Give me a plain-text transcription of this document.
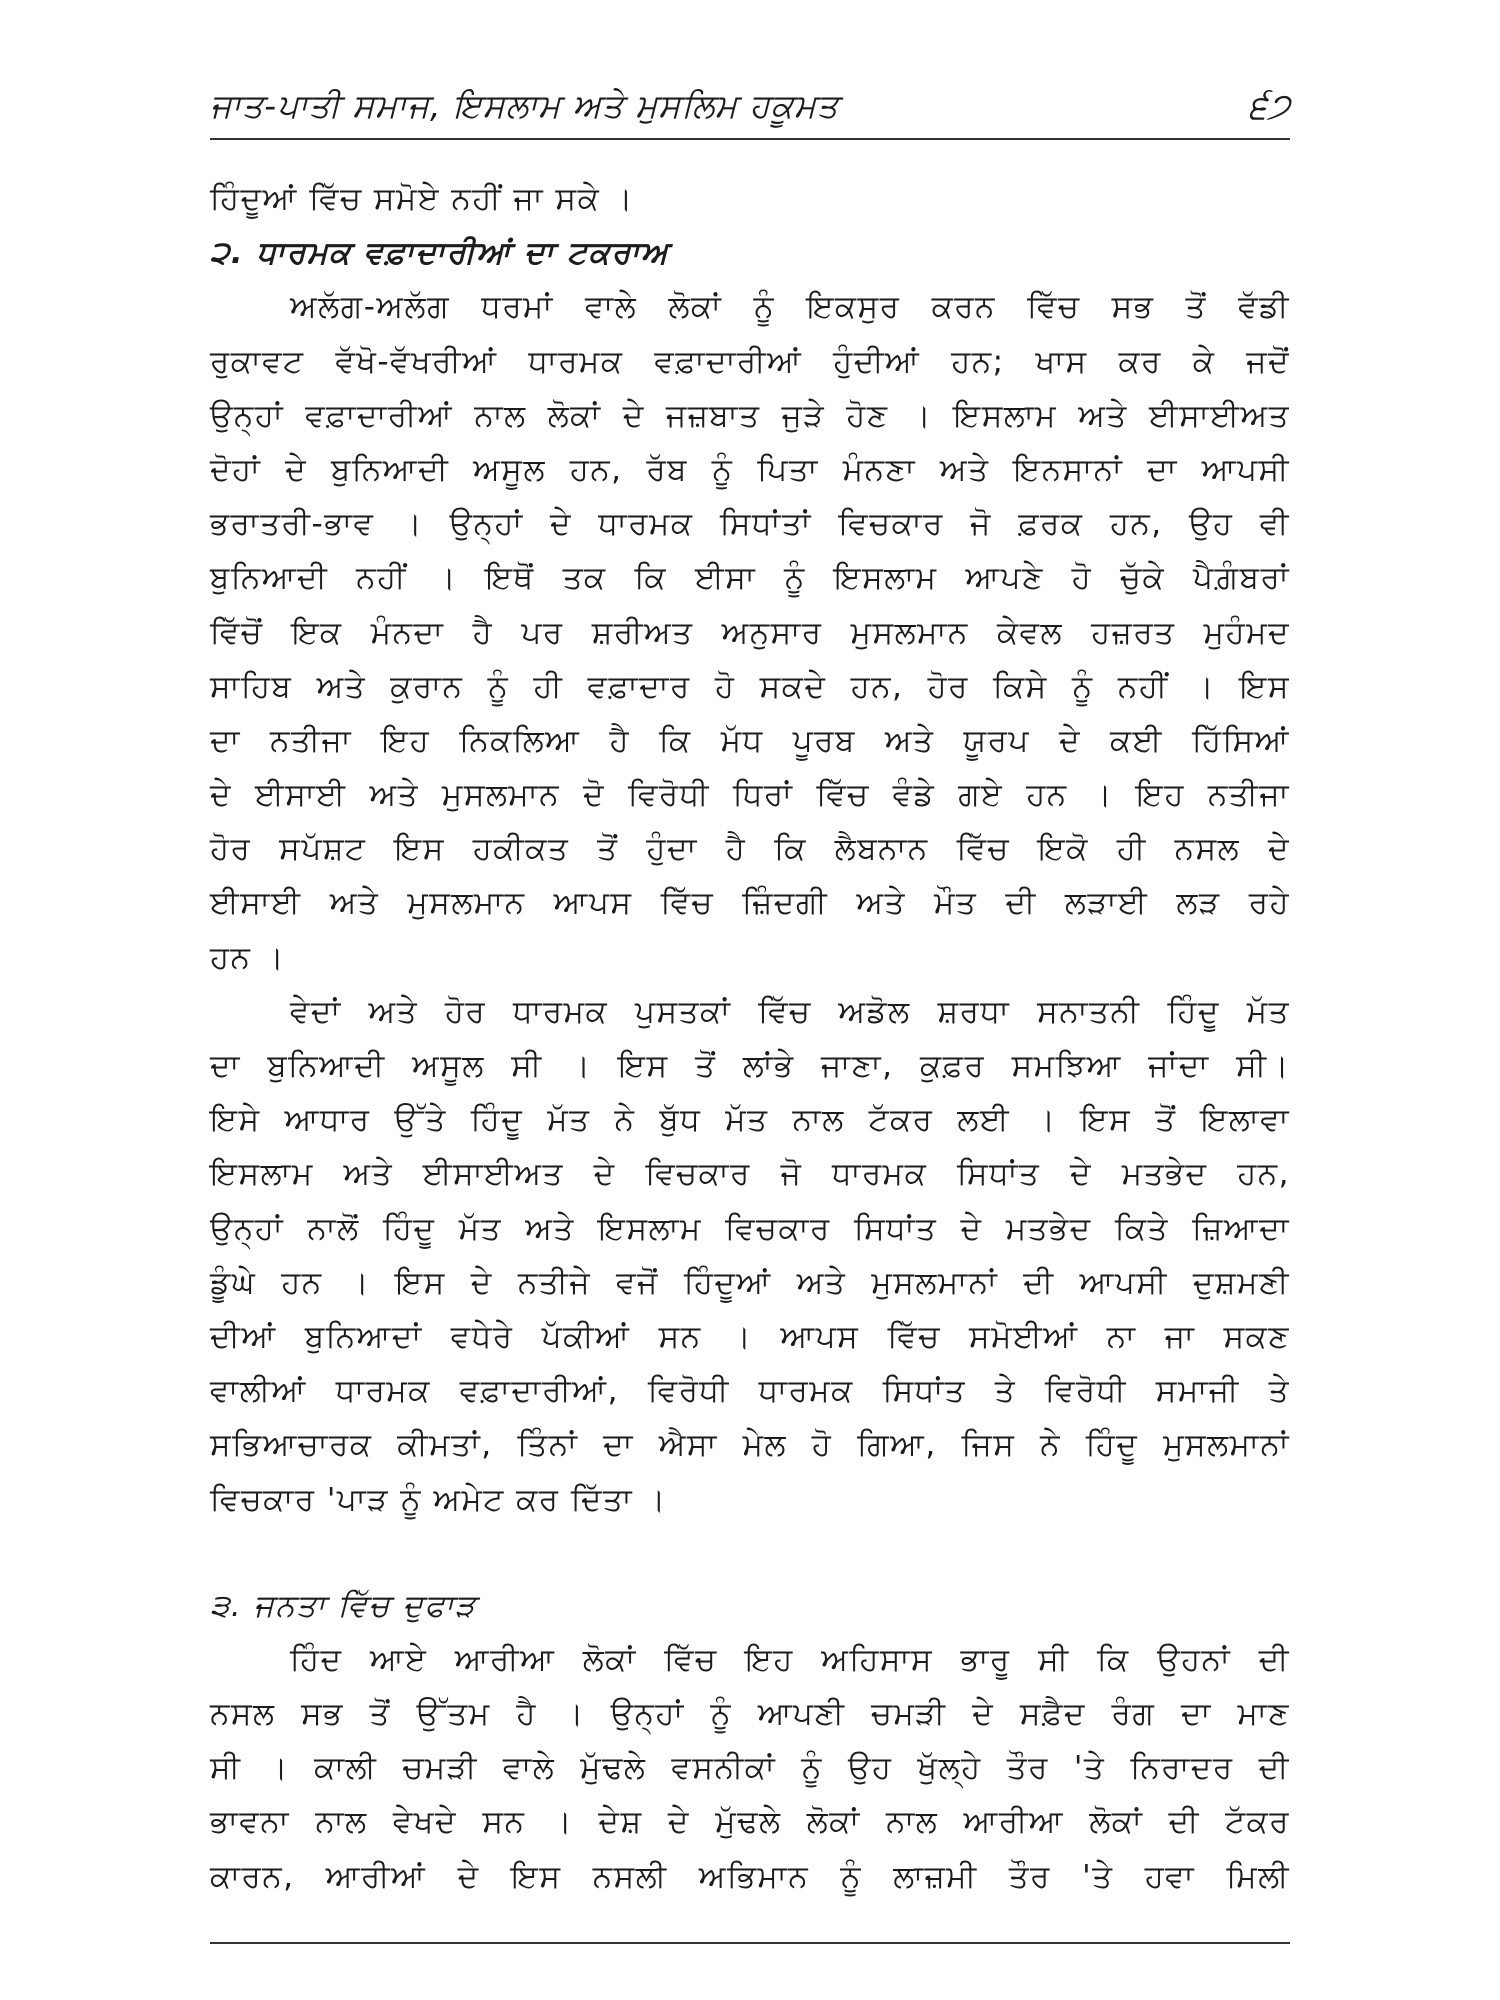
ਜਾਤ-ਪਾਤੀ ਸਮਾਜ, ਇਸਲਾਮ ਅਤੇ ਮੁਸਲਿਮ ਹਕੂਮਤ	੬੭
ਹਿੰਦੂਆਂ ਵਿੱਚ ਸਮੋਏ ਨਹੀਂ ਜਾ ਸਕੇ ।
੨. ਧਾਰਮਕ ਵਫ਼ਾਦਾਰੀਆਂ ਦਾ ਟਕਰਾਅ
ਅਲੱਗ-ਅਲੱਗ ਧਰਮਾਂ ਵਾਲੇ ਲੋਕਾਂ ਨੂੰ ਇਕਸੁਰ ਕਰਨ ਵਿੱਚ ਸਭ ਤੋਂ ਵੱਡੀ
ਰੁਕਾਵਟ ਵੱਖੋ-ਵੱਖਰੀਆਂ ਧਾਰਮਕ ਵਫ਼ਾਦਾਰੀਆਂ ਹੁੰਦੀਆਂ ਹਨ; ਖਾਸ ਕਰ ਕੇ ਜਦੋਂ
ਉਨ੍ਹਾਂ ਵਫ਼ਾਦਾਰੀਆਂ ਨਾਲ ਲੋਕਾਂ ਦੇ ਜਜ਼ਬਾਤ ਜੁੜੇ ਹੋਣ । ਇਸਲਾਮ ਅਤੇ ਈਸਾਈਅਤ
ਦੋਹਾਂ ਦੇ ਬੁਨਿਆਦੀ ਅਸੂਲ ਹਨ, ਰੱਬ ਨੂੰ ਪਿਤਾ ਮੰਨਣਾ ਅਤੇ ਇਨਸਾਨਾਂ ਦਾ ਆਪਸੀ
ਭਰਾਤਰੀ-ਭਾਵ । ਉਨ੍ਹਾਂ ਦੇ ਧਾਰਮਕ ਸਿਧਾਂਤਾਂ ਵਿਚਕਾਰ ਜੋ ਫ਼ਰਕ ਹਨ, ਉਹ ਵੀ
ਬੁਨਿਆਦੀ ਨਹੀਂ । ਇਥੋਂ ਤਕ ਕਿ ਈਸਾ ਨੂੰ ਇਸਲਾਮ ਆਪਣੇ ਹੋ ਚੁੱਕੇ ਪੈਗ਼ੰਬਰਾਂ
ਵਿੱਚੋਂ ਇਕ ਮੰਨਦਾ ਹੈ ਪਰ ਸ਼ਰੀਅਤ ਅਨੁਸਾਰ ਮੁਸਲਮਾਨ ਕੇਵਲ ਹਜ਼ਰਤ ਮੁਹੰਮਦ
ਸਾਹਿਬ ਅਤੇ ਕੁਰਾਨ ਨੂੰ ਹੀ ਵਫ਼ਾਦਾਰ ਹੋ ਸਕਦੇ ਹਨ, ਹੋਰ ਕਿਸੇ ਨੂੰ ਨਹੀਂ । ਇਸ
ਦਾ ਨਤੀਜਾ ਇਹ ਨਿਕਲਿਆ ਹੈ ਕਿ ਮੱਧ ਪੂਰਬ ਅਤੇ ਯੂਰਪ ਦੇ ਕਈ ਹਿੱਸਿਆਂ
ਦੇ ਈਸਾਈ ਅਤੇ ਮੁਸਲਮਾਨ ਦੋ ਵਿਰੋਧੀ ਧਿਰਾਂ ਵਿੱਚ ਵੰਡੇ ਗਏ ਹਨ । ਇਹ ਨਤੀਜਾ
ਹੋਰ ਸਪੱਸ਼ਟ ਇਸ ਹਕੀਕਤ ਤੋਂ ਹੁੰਦਾ ਹੈ ਕਿ ਲੈਬਨਾਨ ਵਿੱਚ ਇਕੋ ਹੀ ਨਸਲ ਦੇ
ਈਸਾਈ ਅਤੇ ਮੁਸਲਮਾਨ ਆਪਸ ਵਿੱਚ ਜ਼ਿੰਦਗੀ ਅਤੇ ਮੌਤ ਦੀ ਲੜਾਈ ਲੜ ਰਹੇ
ਹਨ ।
ਵੇਦਾਂ ਅਤੇ ਹੋਰ ਧਾਰਮਕ ਪੁਸਤਕਾਂ ਵਿੱਚ ਅਡੋਲ ਸ਼ਰਧਾ ਸਨਾਤਨੀ ਹਿੰਦੂ ਮੱਤ
ਦਾ ਬੁਨਿਆਦੀ ਅਸੂਲ ਸੀ । ਇਸ ਤੋਂ ਲਾਂਭੇ ਜਾਣਾ, ਕੁਫ਼ਰ ਸਮਝਿਆ ਜਾਂਦਾ ਸੀ।
ਇਸੇ ਆਧਾਰ ਉੱਤੇ ਹਿੰਦੂ ਮੱਤ ਨੇ ਬੁੱਧ ਮੱਤ ਨਾਲ ਟੱਕਰ ਲਈ । ਇਸ ਤੋਂ ਇਲਾਵਾ
ਇਸਲਾਮ ਅਤੇ ਈਸਾਈਅਤ ਦੇ ਵਿਚਕਾਰ ਜੋ ਧਾਰਮਕ ਸਿਧਾਂਤ ਦੇ ਮਤਭੇਦ ਹਨ,
ਉਨ੍ਹਾਂ ਨਾਲੋਂ ਹਿੰਦੂ ਮੱਤ ਅਤੇ ਇਸਲਾਮ ਵਿਚਕਾਰ ਸਿਧਾਂਤ ਦੇ ਮਤਭੇਦ ਕਿਤੇ ਜ਼ਿਆਦਾ
ਡੂੰਘੇ ਹਨ । ਇਸ ਦੇ ਨਤੀਜੇ ਵਜੋਂ ਹਿੰਦੂਆਂ ਅਤੇ ਮੁਸਲਮਾਨਾਂ ਦੀ ਆਪਸੀ ਦੁਸ਼ਮਣੀ
ਦੀਆਂ ਬੁਨਿਆਦਾਂ ਵਧੇਰੇ ਪੱਕੀਆਂ ਸਨ । ਆਪਸ ਵਿੱਚ ਸਮੋਈਆਂ ਨਾ ਜਾ ਸਕਣ
ਵਾਲੀਆਂ ਧਾਰਮਕ ਵਫ਼ਾਦਾਰੀਆਂ, ਵਿਰੋਧੀ ਧਾਰਮਕ ਸਿਧਾਂਤ ਤੇ ਵਿਰੋਧੀ ਸਮਾਜੀ ਤੇ
ਸਭਿਆਚਾਰਕ ਕੀਮਤਾਂ, ਤਿੰਨਾਂ ਦਾ ਐਸਾ ਮੇਲ ਹੋ ਗਿਆ, ਜਿਸ ਨੇ ਹਿੰਦੂ ਮੁਸਲਮਾਨਾਂ
ਵਿਚਕਾਰ 'ਪਾੜ ਨੂੰ ਅਮੇਟ ਕਰ ਦਿੱਤਾ ।
੩. ਜਨਤਾ ਵਿੱਚ ਦੁਫਾੜ
ਹਿੰਦ ਆਏ ਆਰੀਆ ਲੋਕਾਂ ਵਿੱਚ ਇਹ ਅਹਿਸਾਸ ਭਾਰੂ ਸੀ ਕਿ ਉਹਨਾਂ ਦੀ
ਨਸਲ ਸਭ ਤੋਂ ਉੱਤਮ ਹੈ । ਉਨ੍ਹਾਂ ਨੂੰ ਆਪਣੀ ਚਮੜੀ ਦੇ ਸਫ਼ੈਦ ਰੰਗ ਦਾ ਮਾਣ
ਸੀ । ਕਾਲੀ ਚਮੜੀ ਵਾਲੇ ਮੁੱਢਲੇ ਵਸਨੀਕਾਂ ਨੂੰ ਉਹ ਖੁੱਲ੍ਹੇ ਤੌਰ 'ਤੇ ਨਿਰਾਦਰ ਦੀ
ਭਾਵਨਾ ਨਾਲ ਵੇਖਦੇ ਸਨ । ਦੇਸ਼ ਦੇ ਮੁੱਢਲੇ ਲੋਕਾਂ ਨਾਲ ਆਰੀਆ ਲੋਕਾਂ ਦੀ ਟੱਕਰ
ਕਾਰਨ, ਆਰੀਆਂ ਦੇ ਇਸ ਨਸਲੀ ਅਭਿਮਾਨ ਨੂੰ ਲਾਜ਼ਮੀ ਤੌਰ 'ਤੇ ਹਵਾ ਮਿਲੀ
